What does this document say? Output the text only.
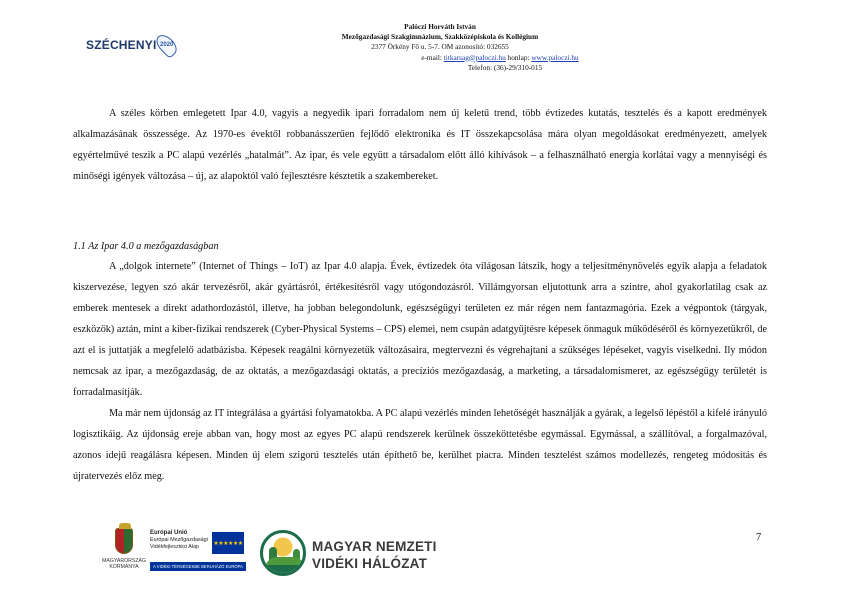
SZÉCHENYI 2020
Palóczi Horváth István
Mezőgazdasági Szakgimnázium, Szakközépiskola és Kollégium
2377 Örkény Fő u. 5-7. OM azonosító: 032655
e-mail: titkarsag@paloczi.hu honlap: www.paloczi.hu
Telefon: (36)-29/310-015

A széles körben emlegetett Ipar 4.0, vagyis a negyedik ipari forradalom nem új keletű trend, több évtizedes kutatás, tesztelés és a kapott eredmények alkalmazásának összessége. Az 1970-es évektől robbanásszerűen fejlődő elektronika és IT összekapcsolása mára olyan megoldásokat eredményezett, amelyek egyértelművé teszik a PC alapú vezérlés „hatalmát”. Az ipar, és vele együtt a társadalom előtt álló kihívások – a felhasználható energia korlátai vagy a mennyiségi és minőségi igények változása – új, az alapoktól való fejlesztésre késztetik a szakembereket.

1.1 Az Ipar 4.0 a mezőgazdaságban

A „dolgok internete” (Internet of Things – IoT) az Ipar 4.0 alapja. Évek, évtizedek óta világosan látszik, hogy a teljesítménynövelés egyik alapja a feladatok kiszervezése, legyen szó akár tervezésről, akár gyártásról, értékesítésről vagy utógondozásról. Villámgyorsan eljutottunk arra a szintre, ahol gyakorlatilag csak az emberek mentesek a direkt adathordozástól, illetve, ha jobban belegondolunk, egészségügyi területen ez már régen nem fantazmagória. Ezek a végpontok (tárgyak, eszközök) aztán, mint a kiber-fizikai rendszerek (Cyber-Physical Systems – CPS) elemei, nem csupán adatgyűjtésre képesek önmaguk működéséről és környezetükről, de azt el is juttatják a megfelelő adatbázisba. Képesek reagálni környezetük változásaira, megtervezni és végrehajtani a szükséges lépéseket, vagyis viselkedni. Ily módon nemcsak az ipar, a mezőgazdaság, de az oktatás, a mezőgazdasági oktatás, a precíziós mezőgazdaság, a marketing, a társadalomismeret, az egészségügy területét is forradalmasítják.

Ma már nem újdonság az IT integrálása a gyártási folyamatokba. A PC alapú vezérlés minden lehetőségét használják a gyárak, a legelső lépéstől a kifelé irányuló logisztikáig. Az újdonság ereje abban van, hogy most az egyes PC alapú rendszerek kerülnek összeköttetésbe egymással. Egymással, a szállítóval, a forgalmazóval, azonos idejű reagálásra képesen. Minden új elem szigorú tesztelés után építhető be, kerülhet piacra. Minden tesztelést számos modellezés, rengeteg módosítás és újratervezés előz meg.

7
MAGYARORSZÁG
KORMÁNYA
Európai Unió
Európai Mezőgazdasági
Vidékfejlesztési Alap
★★★★★★
A VIDÉKI TÉRSÉGEKBE BERUHÁZÓ EURÓPA
MAGYAR NEMZETI
VIDÉKI HÁLÓZAT
